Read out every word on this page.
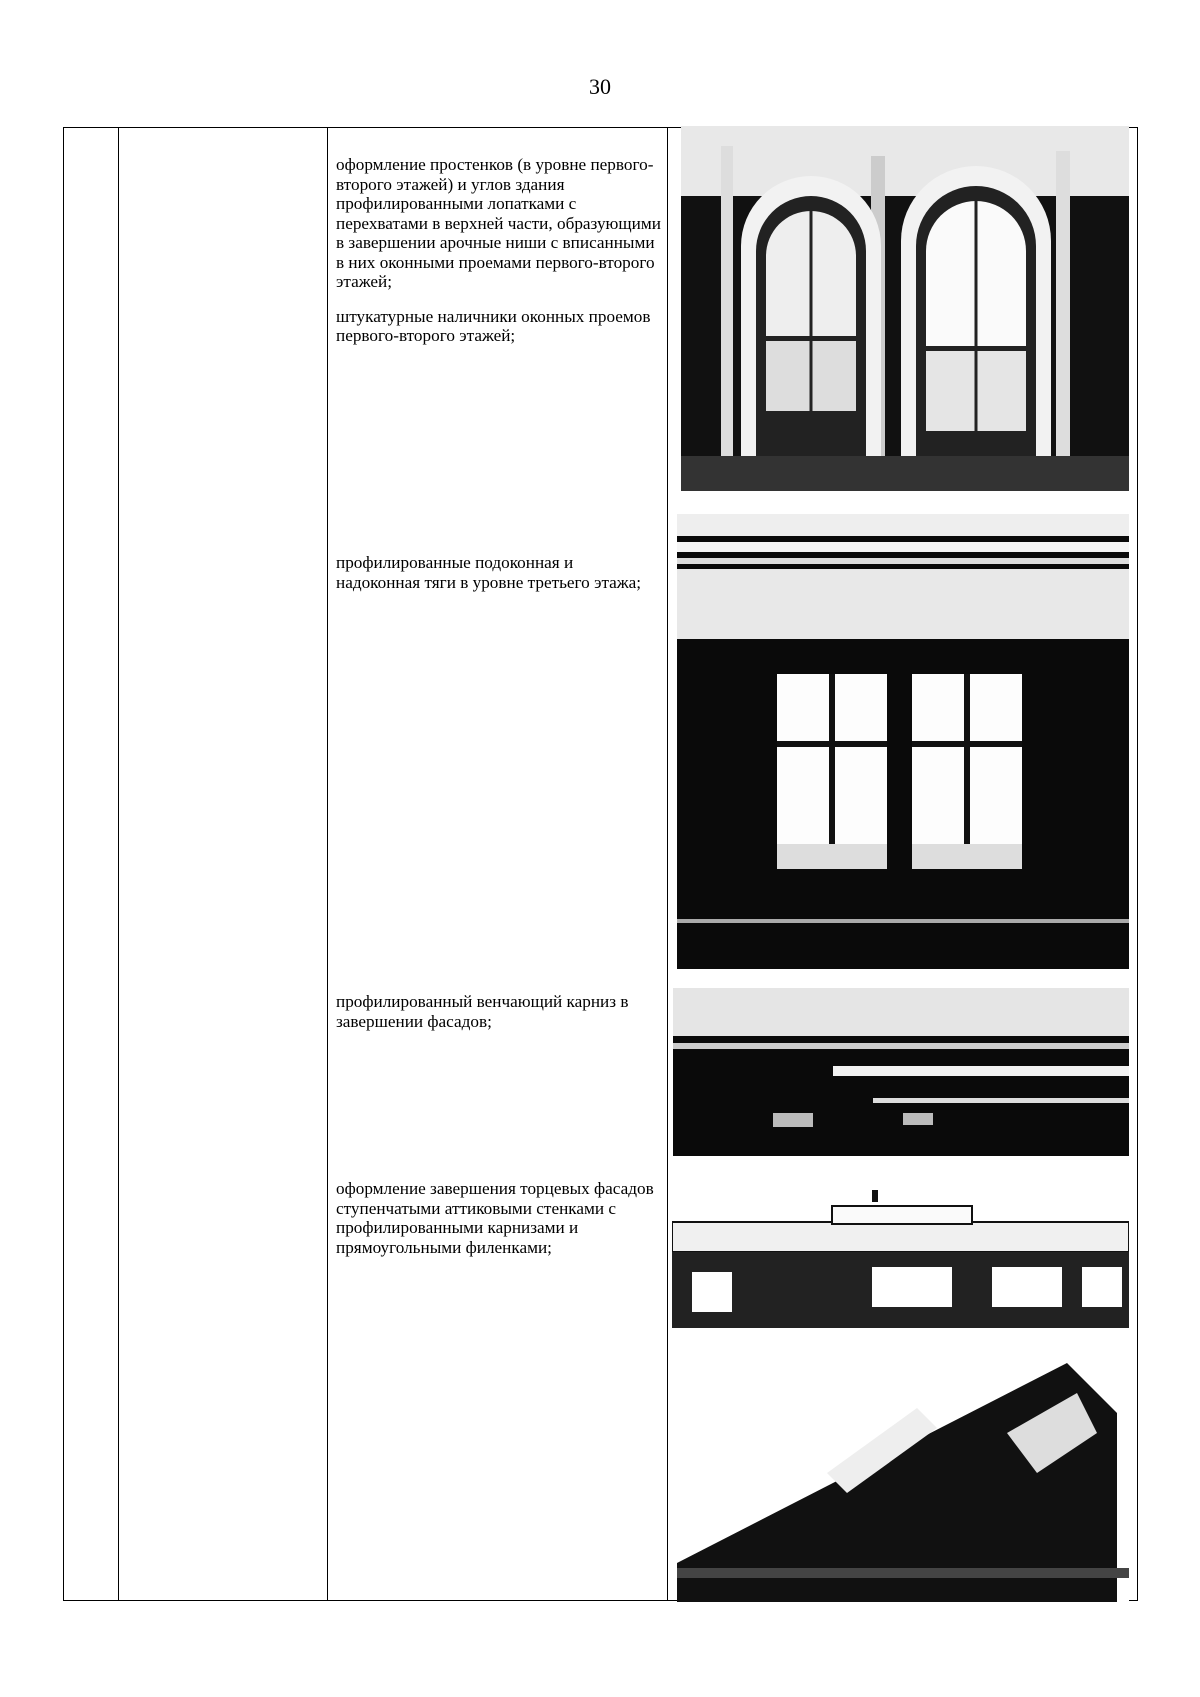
30

оформление простенков (в уровне первого- второго этажей) и углов здания профилированными лопатками с перехватами в верхней части, образующими в завершении арочные ниши с вписанными в них оконными проемами первого-второго этажей;

штукатурные наличники оконных проемов первого-второго этажей;

профилированные подоконная и надоконная тяги в уровне третьего этажа;

профилированный венчающий карниз в завершении фасадов;

оформление завершения торцевых фасадов ступенчатыми аттиковыми стенками с профилированными карнизами и прямоугольными филенками;
